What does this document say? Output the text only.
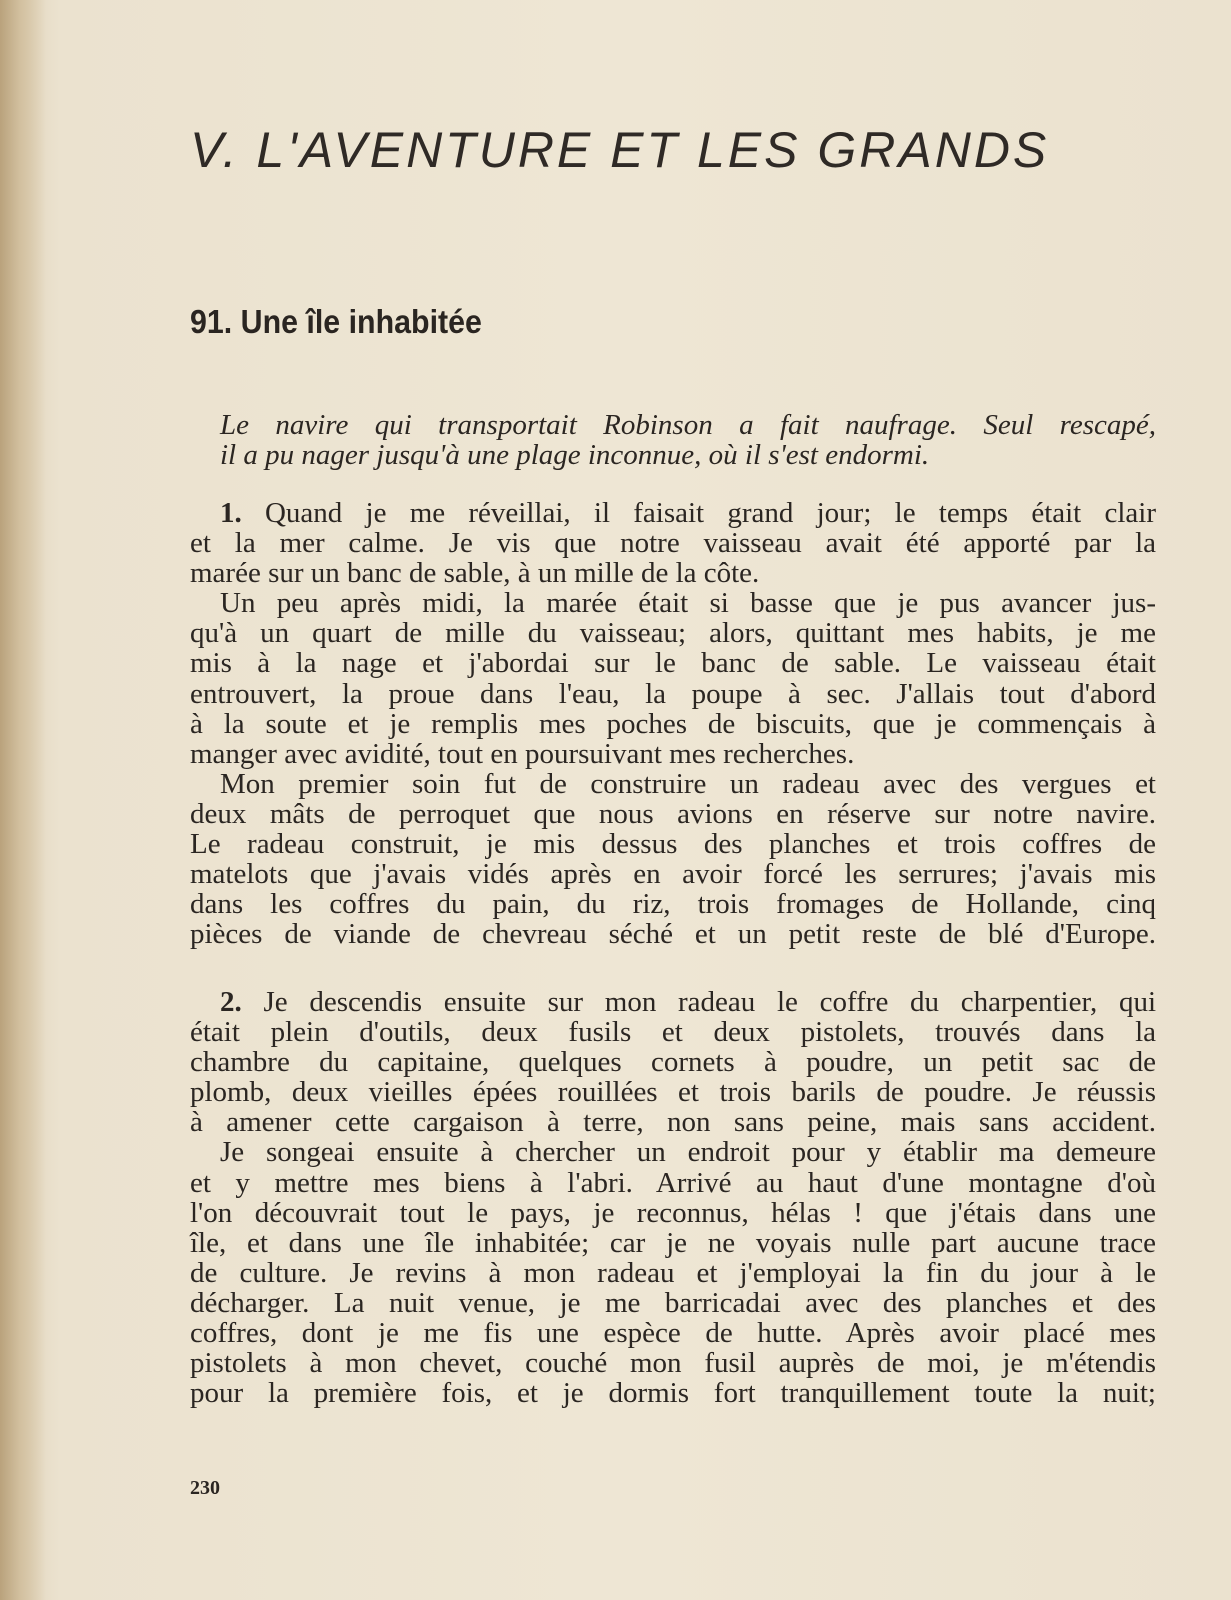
V. L'AVENTURE ET LES GRANDS
91. Une île inhabitée
Le navire qui transportait Robinson a fait naufrage. Seul rescapé,
il a pu nager jusqu'à une plage inconnue, où il s'est endormi.
1. Quand je me réveillai, il faisait grand jour; le temps était clair
et la mer calme. Je vis que notre vaisseau avait été apporté par la
marée sur un banc de sable, à un mille de la côte.
Un peu après midi, la marée était si basse que je pus avancer jus-
qu'à un quart de mille du vaisseau; alors, quittant mes habits, je me
mis à la nage et j'abordai sur le banc de sable. Le vaisseau était
entrouvert, la proue dans l'eau, la poupe à sec. J'allais tout d'abord
à la soute et je remplis mes poches de biscuits, que je commençais à
manger avec avidité, tout en poursuivant mes recherches.
Mon premier soin fut de construire un radeau avec des vergues et
deux mâts de perroquet que nous avions en réserve sur notre navire.
Le radeau construit, je mis dessus des planches et trois coffres de
matelots que j'avais vidés après en avoir forcé les serrures; j'avais mis
dans les coffres du pain, du riz, trois fromages de Hollande, cinq
pièces de viande de chevreau séché et un petit reste de blé d'Europe.
2. Je descendis ensuite sur mon radeau le coffre du charpentier, qui
était plein d'outils, deux fusils et deux pistolets, trouvés dans la
chambre du capitaine, quelques cornets à poudre, un petit sac de
plomb, deux vieilles épées rouillées et trois barils de poudre. Je réussis
à amener cette cargaison à terre, non sans peine, mais sans accident.
Je songeai ensuite à chercher un endroit pour y établir ma demeure
et y mettre mes biens à l'abri. Arrivé au haut d'une montagne d'où
l'on découvrait tout le pays, je reconnus, hélas ! que j'étais dans une
île, et dans une île inhabitée; car je ne voyais nulle part aucune trace
de culture. Je revins à mon radeau et j'employai la fin du jour à le
décharger. La nuit venue, je me barricadai avec des planches et des
coffres, dont je me fis une espèce de hutte. Après avoir placé mes
pistolets à mon chevet, couché mon fusil auprès de moi, je m'étendis
pour la première fois, et je dormis fort tranquillement toute la nuit;
230
